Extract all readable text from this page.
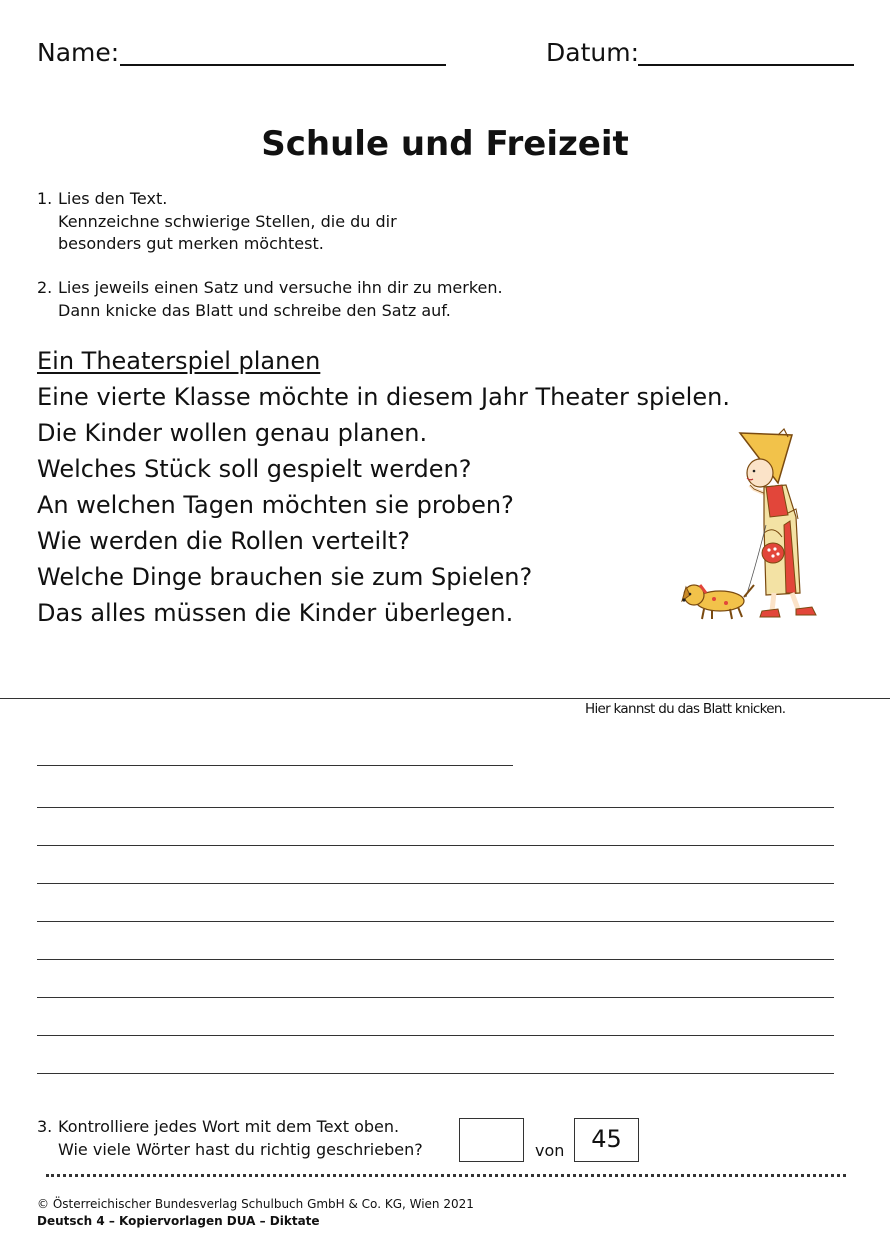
Name:	Datum:
Schule und Freizeit
1. Lies den Text.
Kennzeichne schwierige Stellen, die du dir
besonders gut merken möchtest.
2. Lies jeweils einen Satz und versuche ihn dir zu merken.
Dann knicke das Blatt und schreibe den Satz auf.
Ein Theaterspiel planen
Eine vierte Klasse möchte in diesem Jahr Theater spielen.
Die Kinder wollen genau planen.
Welches Stück soll gespielt werden?
An welchen Tagen möchten sie proben?
Wie werden die Rollen verteilt?
Welche Dinge brauchen sie zum Spielen?
Das alles müssen die Kinder überlegen.
Hier kannst du das Blatt knicken.
3. Kontrolliere jedes Wort mit dem Text oben.
Wie viele Wörter hast du richtig geschrieben?	von	45
© Österreichischer Bundesverlag Schulbuch GmbH & Co. KG, Wien 2021
Deutsch 4 – Kopiervorlagen DUA – Diktate
